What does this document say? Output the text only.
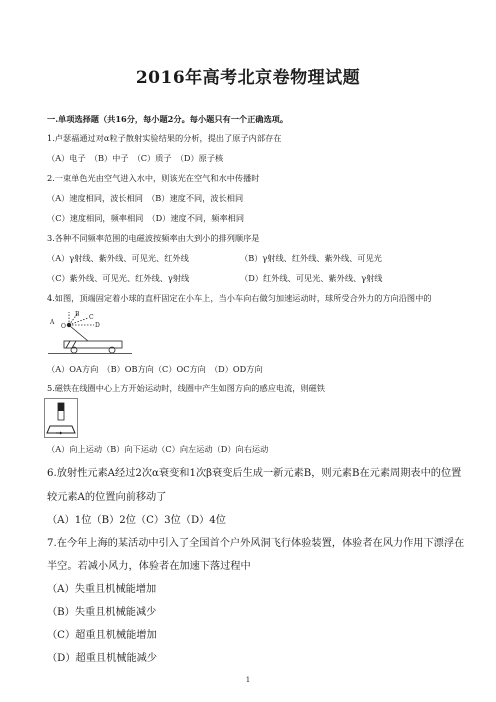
2016年高考北京卷物理试题
一.单项选择题（共16分，每小题2分。每小题只有一个正确选项。
1.卢瑟福通过对α粒子散射实验结果的分析，提出了原子内部存在
（A）电子　（B）中子　（C）质子　（D）原子核
2.一束单色光由空气进入水中，则该光在空气和水中传播时
（A）速度相同，波长相同　（B）速度不同，波长相同
（C）速度相同，频率相同　（D）速度不同，频率相同
3.各种不同频率范围的电磁波按频率由大到小的排列顺序是
（A）γ射线、紫外线、可见光、红外线	（B）γ射线、红外线、紫外线、可见光
（C）紫外线、可见光、红外线、γ射线	（D）红外线、可见光、紫外线、γ射线
4.如图，顶端固定着小球的直杆固定在小车上，当小车向右做匀加速运动时，球所受合外力的方向沿图中的
A
B C
O	D
（A）OA方向　（B）OB方向（C）OC方向　（D）OD方向
5.磁铁在线圈中心上方开始运动时，线圈中产生如图方向的感应电流，则磁铁
（A）向上运动（B）向下运动（C）向左运动（D）向右运动
6.放射性元素A经过2次α衰变和1次β衰变后生成一新元素B，则元素B在元素周期表中的位置
较元素A的位置向前移动了
（A）1位（B）2位（C）3位（D）4位
7.在今年上海的某活动中引入了全国首个户外风洞飞行体验装置，体验者在风力作用下漂浮在
半空。若减小风力，体验者在加速下落过程中
（A）失重且机械能增加
（B）失重且机械能减少
（C）超重且机械能增加
（D）超重且机械能减少
1
